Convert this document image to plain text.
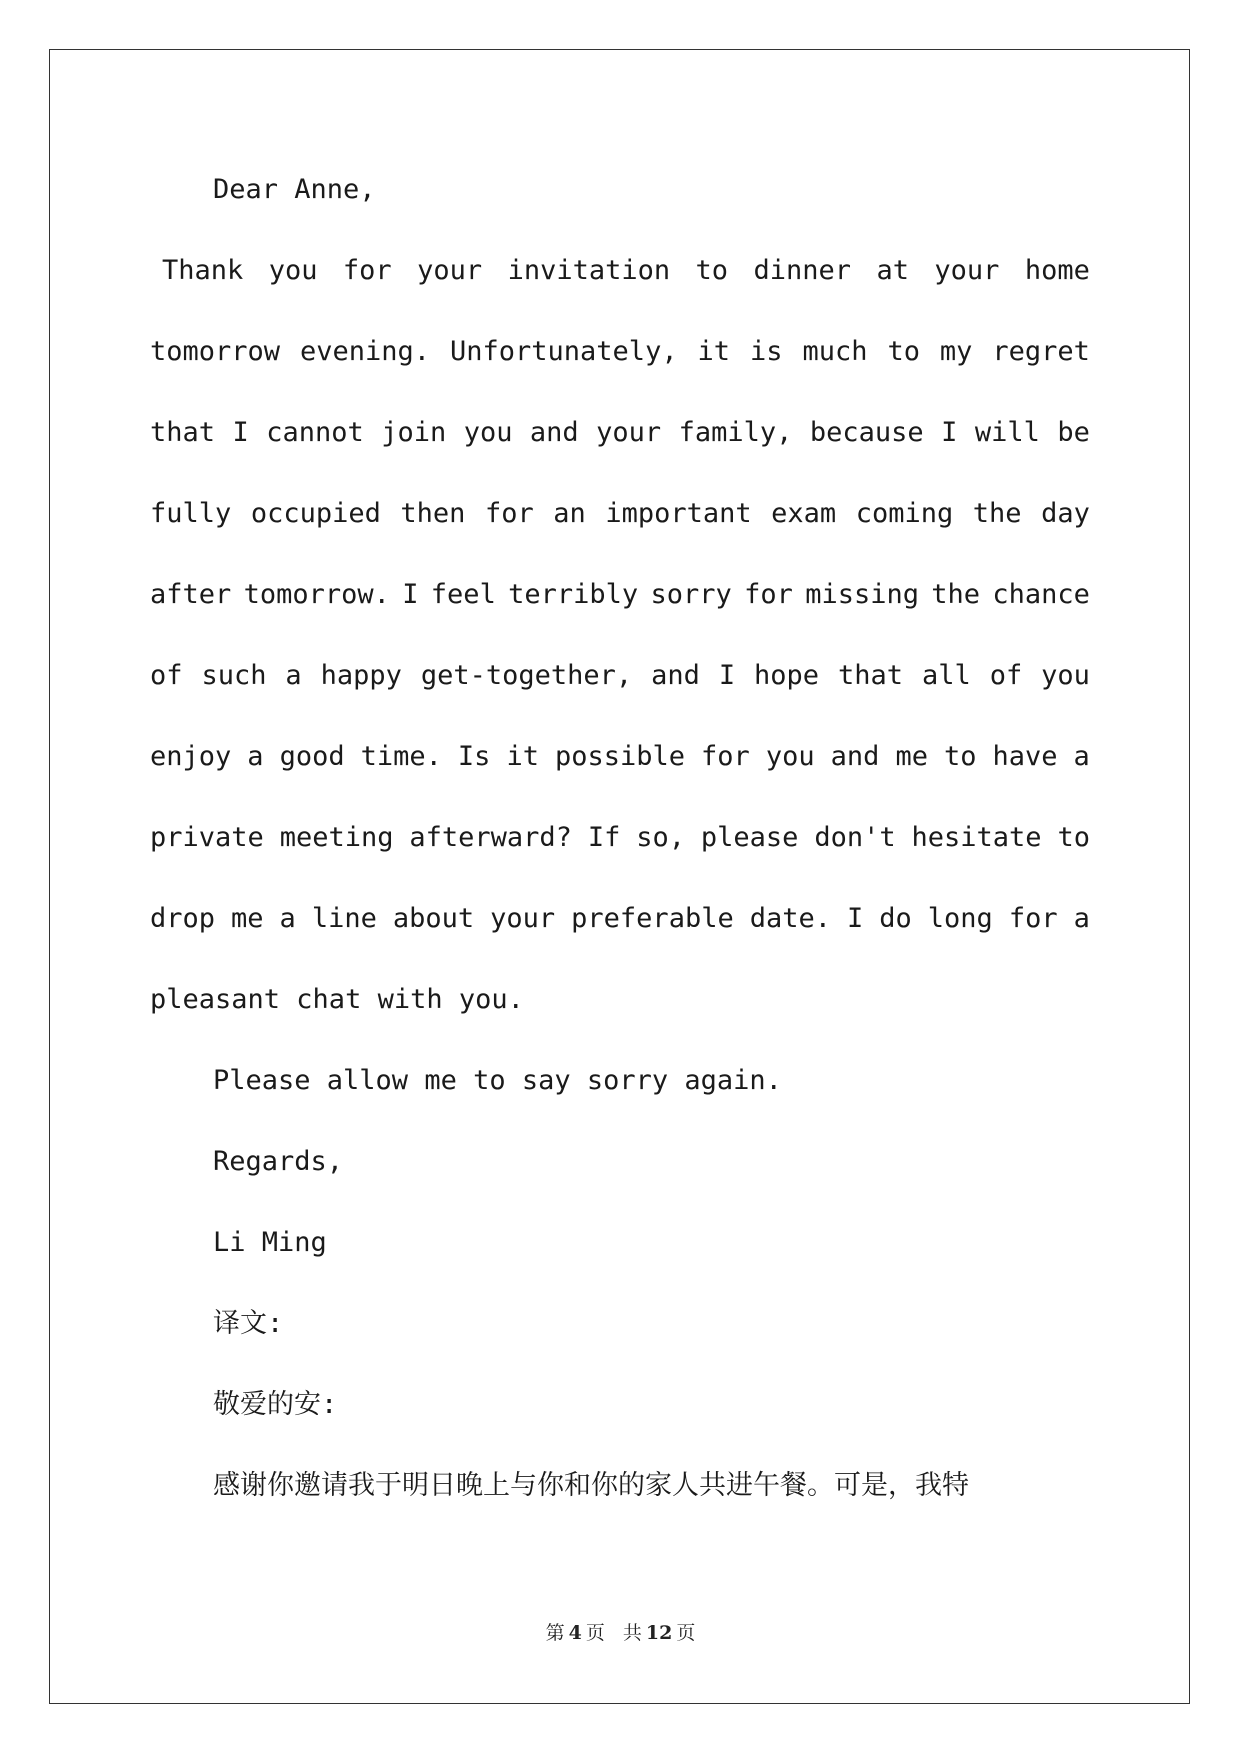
Dear Anne,
Thank you for your invitation to dinner at your home
tomorrow evening. Unfortunately, it is much to my regret
that I cannot join you and your family, because I will be
fully occupied then for an important exam coming the day
after tomorrow. I feel terribly sorry for missing the chance
of such a happy get-together, and I hope that all of you
enjoy a good time. Is it possible for you and me to have a
private meeting afterward? If so, please don't hesitate to
drop me a line about your preferable date. I do long for a
pleasant chat with you.
Please allow me to say sorry again.
Regards,
Li Ming
译文:
敬爱的安:
感谢你邀请我于明日晚上与你和你的家人共进午餐。可是，我特
第 4 页 共 12 页
